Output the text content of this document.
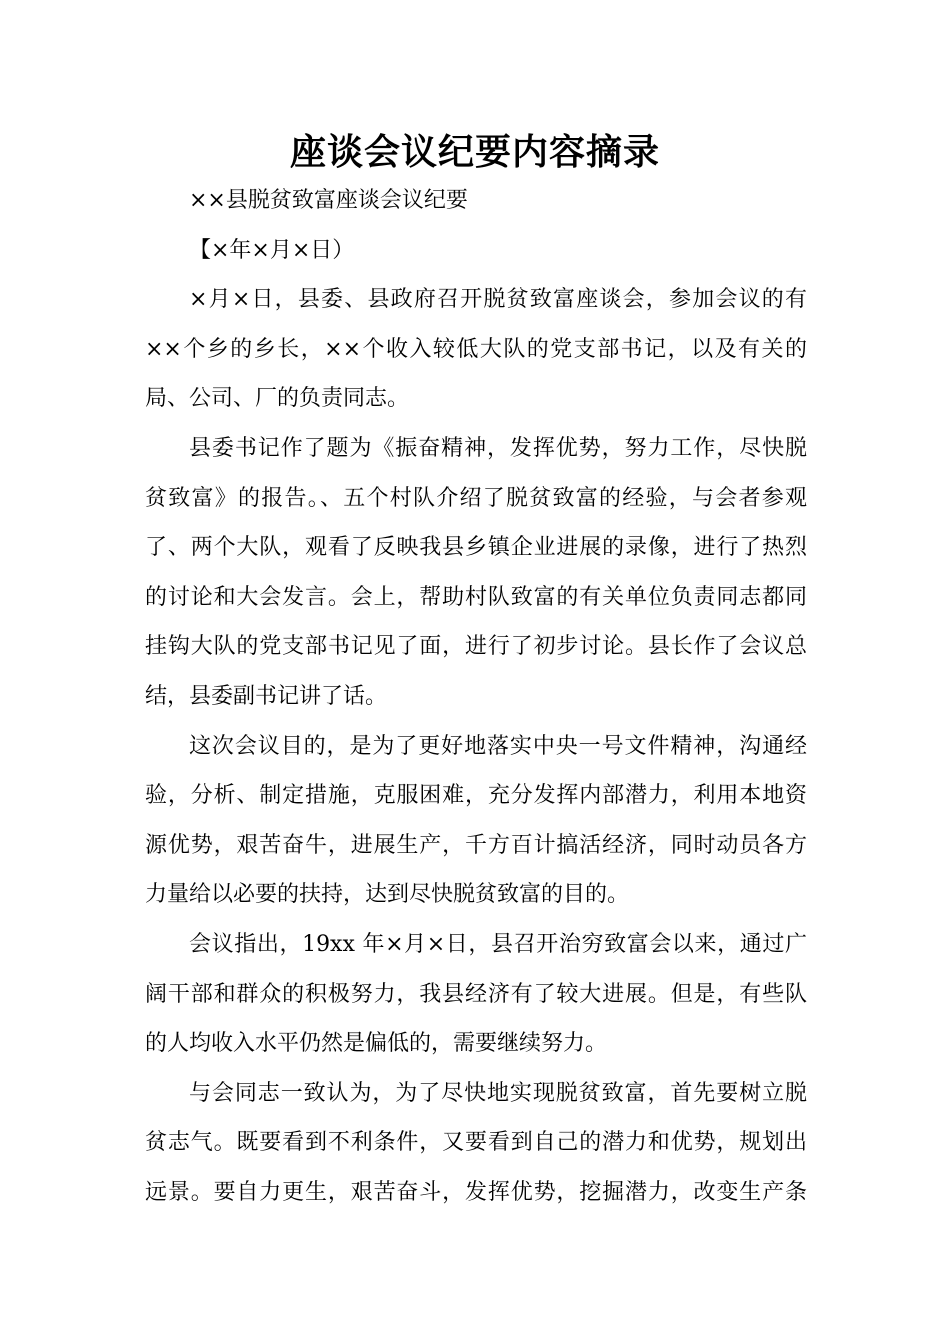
座谈会议纪要内容摘录
××县脱贫致富座谈会议纪要
【×年×月×日）
×月×日，县委、县政府召开脱贫致富座谈会，参加会议的有
××个乡的乡长，××个收入较低大队的党支部书记，以及有关的
局、公司、厂的负责同志。
县委书记作了题为《振奋精神，发挥优势，努力工作，尽快脱
贫致富》的报告。、五个村队介绍了脱贫致富的经验，与会者参观
了、两个大队，观看了反映我县乡镇企业进展的录像，进行了热烈
的讨论和大会发言。会上，帮助村队致富的有关单位负责同志都同
挂钩大队的党支部书记见了面，进行了初步讨论。县长作了会议总
结，县委副书记讲了话。
这次会议目的，是为了更好地落实中央一号文件精神，沟通经
验，分析、制定措施，克服困难，充分发挥内部潜力，利用本地资
源优势，艰苦奋牛，进展生产，千方百计搞活经济，同时动员各方
力量给以必要的扶持，达到尽快脱贫致富的目的。
会议指出，19xx 年×月×日，县召开治穷致富会以来，通过广
阔干部和群众的积极努力，我县经济有了较大进展。但是，有些队
的人均收入水平仍然是偏低的，需要继续努力。
与会同志一致认为，为了尽快地实现脱贫致富，首先要树立脱
贫志气。既要看到不利条件，又要看到自己的潜力和优势，规划出
远景。要自力更生，艰苦奋斗，发挥优势，挖掘潜力，改变生产条
